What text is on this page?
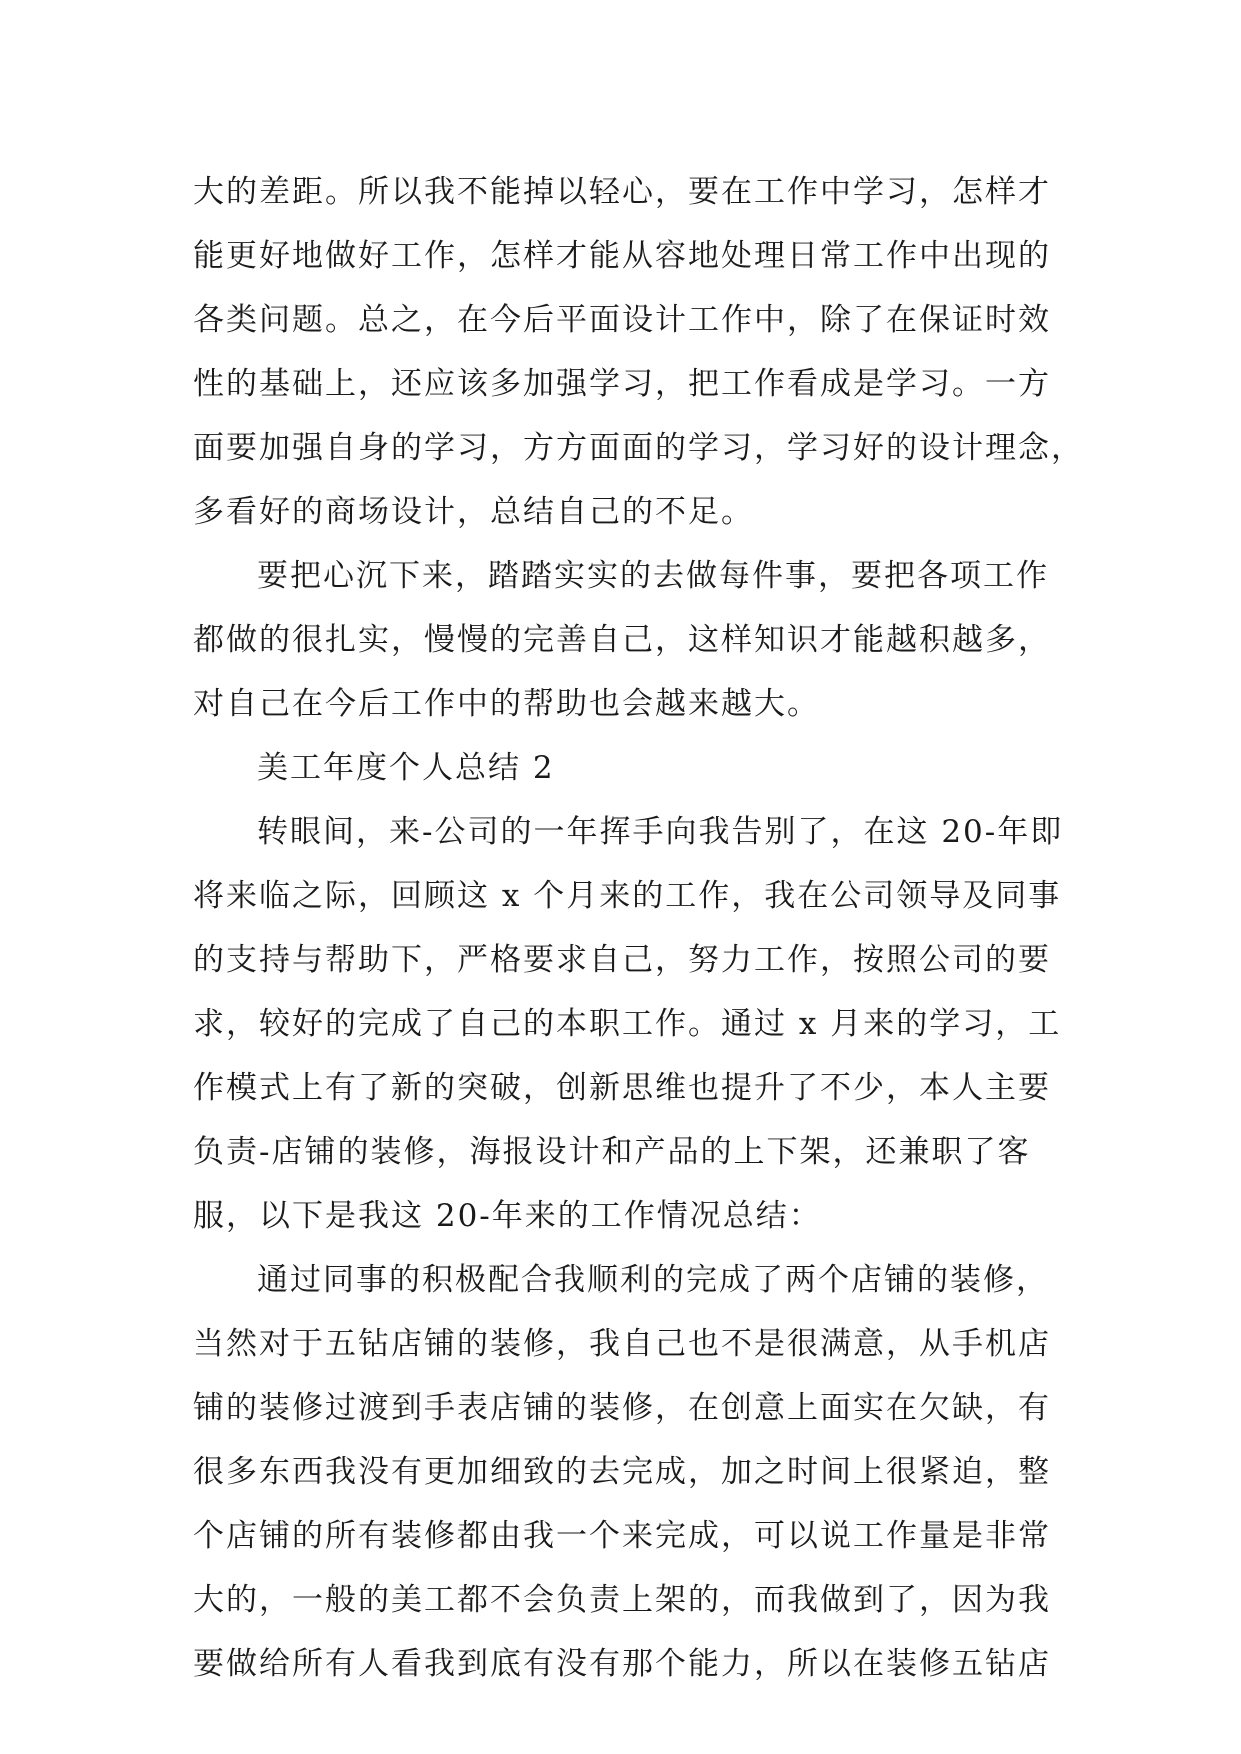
大的差距。所以我不能掉以轻心，要在工作中学习，怎样才
能更好地做好工作，怎样才能从容地处理日常工作中出现的
各类问题。总之，在今后平面设计工作中，除了在保证时效
性的基础上，还应该多加强学习，把工作看成是学习。一方
面要加强自身的学习，方方面面的学习，学习好的设计理念，
多看好的商场设计，总结自己的不足。
要把心沉下来，踏踏实实的去做每件事，要把各项工作
都做的很扎实，慢慢的完善自己，这样知识才能越积越多，
对自己在今后工作中的帮助也会越来越大。
美工年度个人总结 2
转眼间，来-公司的一年挥手向我告别了，在这 20-年即
将来临之际，回顾这 x 个月来的工作，我在公司领导及同事
的支持与帮助下，严格要求自己，努力工作，按照公司的要
求，较好的完成了自己的本职工作。通过 x 月来的学习，工
作模式上有了新的突破，创新思维也提升了不少，本人主要
负责-店铺的装修，海报设计和产品的上下架，还兼职了客
服，以下是我这 20-年来的工作情况总结：
通过同事的积极配合我顺利的完成了两个店铺的装修，
当然对于五钻店铺的装修，我自己也不是很满意，从手机店
铺的装修过渡到手表店铺的装修，在创意上面实在欠缺，有
很多东西我没有更加细致的去完成，加之时间上很紧迫，整
个店铺的所有装修都由我一个来完成，可以说工作量是非常
大的，一般的美工都不会负责上架的，而我做到了，因为我
要做给所有人看我到底有没有那个能力，所以在装修五钻店
